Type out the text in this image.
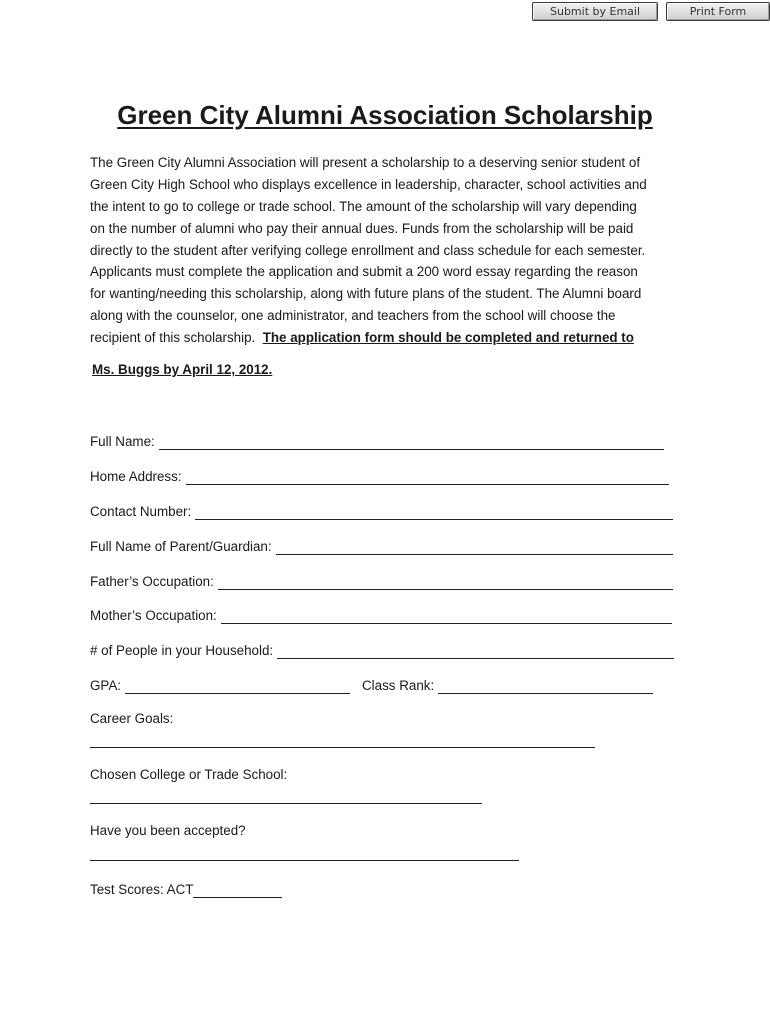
Submit by Email	Print Form
Green City Alumni Association Scholarship
The Green City Alumni Association will present a scholarship to a deserving senior student of
Green City High School who displays excellence in leadership, character, school activities and
the intent to go to college or trade school. The amount of the scholarship will vary depending
on the number of alumni who pay their annual dues. Funds from the scholarship will be paid
directly to the student after verifying college enrollment and class schedule for each semester.
Applicants must complete the application and submit a 200 word essay regarding the reason
for wanting/needing this scholarship, along with future plans of the student. The Alumni board
along with the counselor, one administrator, and teachers from the school will choose the
recipient of this scholarship.  The application form should be completed and returned to
Ms. Buggs by April 12, 2012.
Full Name:
Home Address:
Contact Number:
Full Name of Parent/Guardian:
Father’s Occupation:
Mother’s Occupation:
# of People in your Household:
GPA:	Class Rank:
Career Goals:
Chosen College or Trade School:
Have you been accepted?
Test Scores: ACT
